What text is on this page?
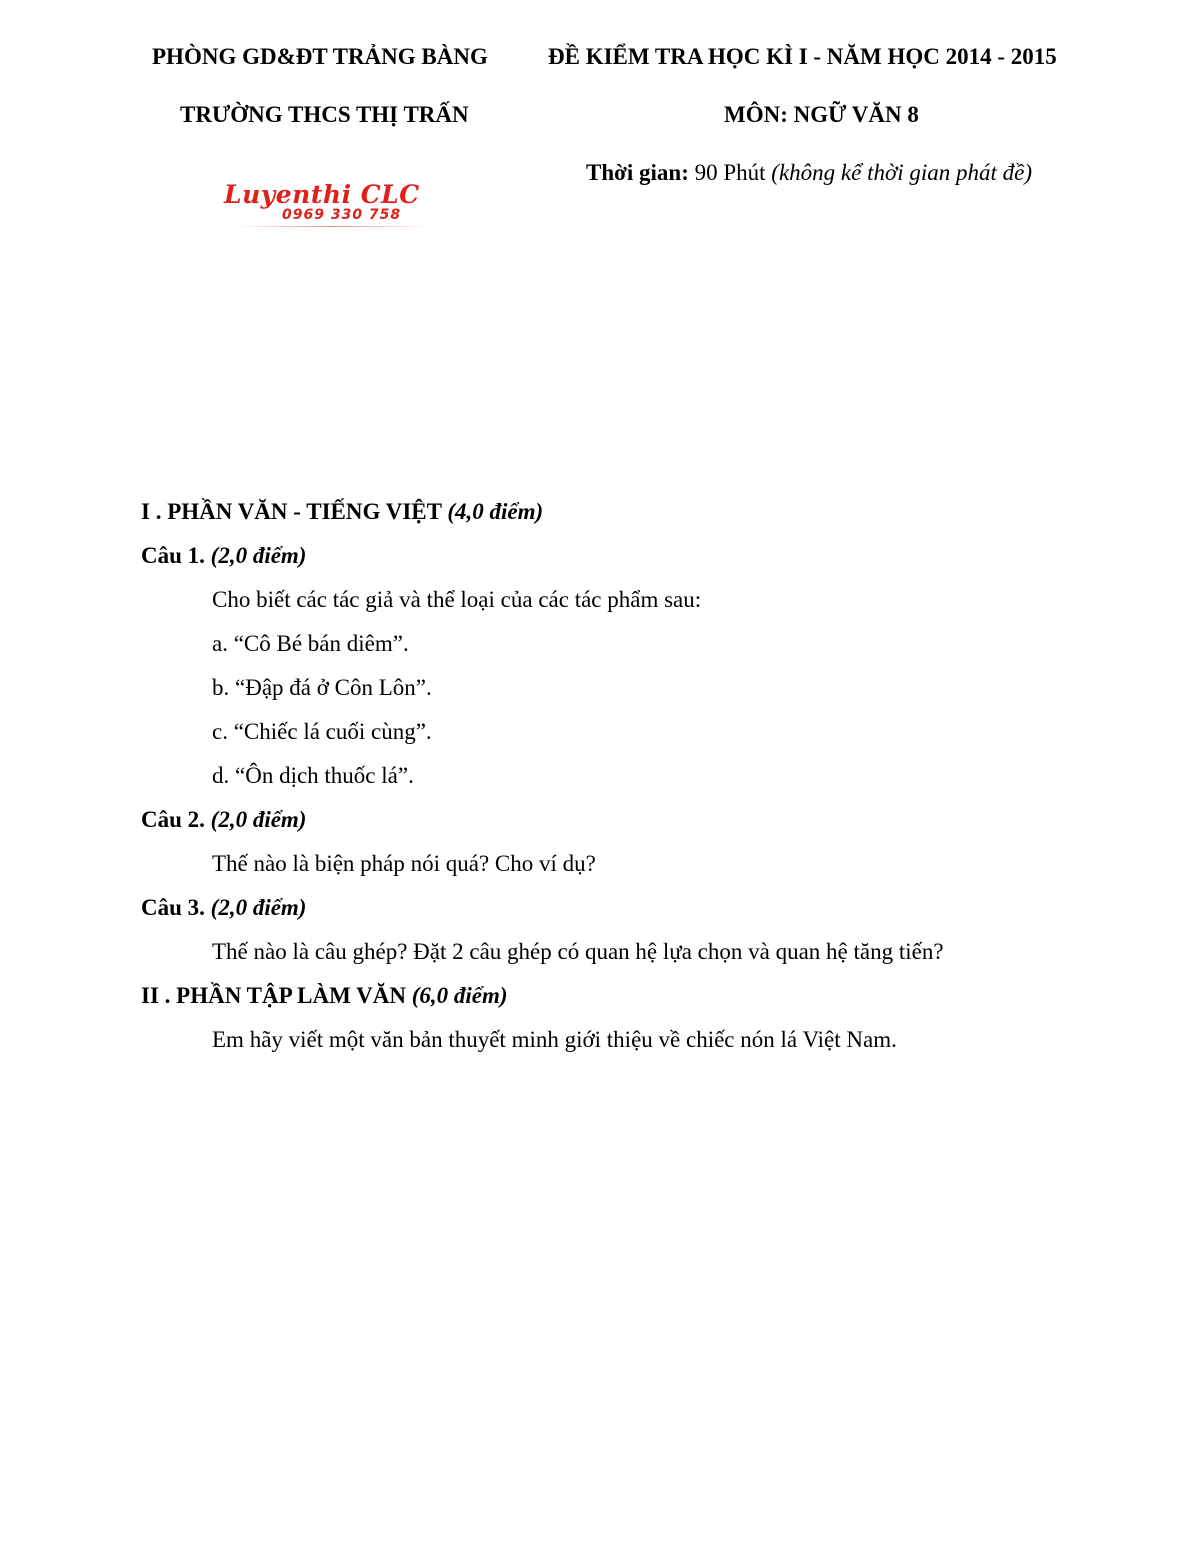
PHÒNG GD&ĐT TRẢNG BÀNG	ĐỀ KIỂM TRA HỌC KÌ I - NĂM HỌC 2014 - 2015
TRƯỜNG THCS THỊ TRẤN	MÔN: NGỮ VĂN 8
Thời gian: 90 Phút (không kể thời gian phát đề)
Luyenthi CLC
0969 330 758
I . PHẦN VĂN - TIẾNG VIỆT (4,0 điểm)
Câu 1. (2,0 điểm)
Cho biết các tác giả và thể loại của các tác phẩm sau:
a. “Cô Bé bán diêm”.
b. “Đập đá ở Côn Lôn”.
c. “Chiếc lá cuối cùng”.
d. “Ôn dịch thuốc lá”.
Câu 2. (2,0 điểm)
Thế nào là biện pháp nói quá? Cho ví dụ?
Câu 3. (2,0 điểm)
Thế nào là câu ghép? Đặt 2 câu ghép có quan hệ lựa chọn và quan hệ tăng tiến?
II . PHẦN TẬP LÀM VĂN (6,0 điểm)
Em hãy viết một văn bản thuyết minh giới thiệu về chiếc nón lá Việt Nam.
